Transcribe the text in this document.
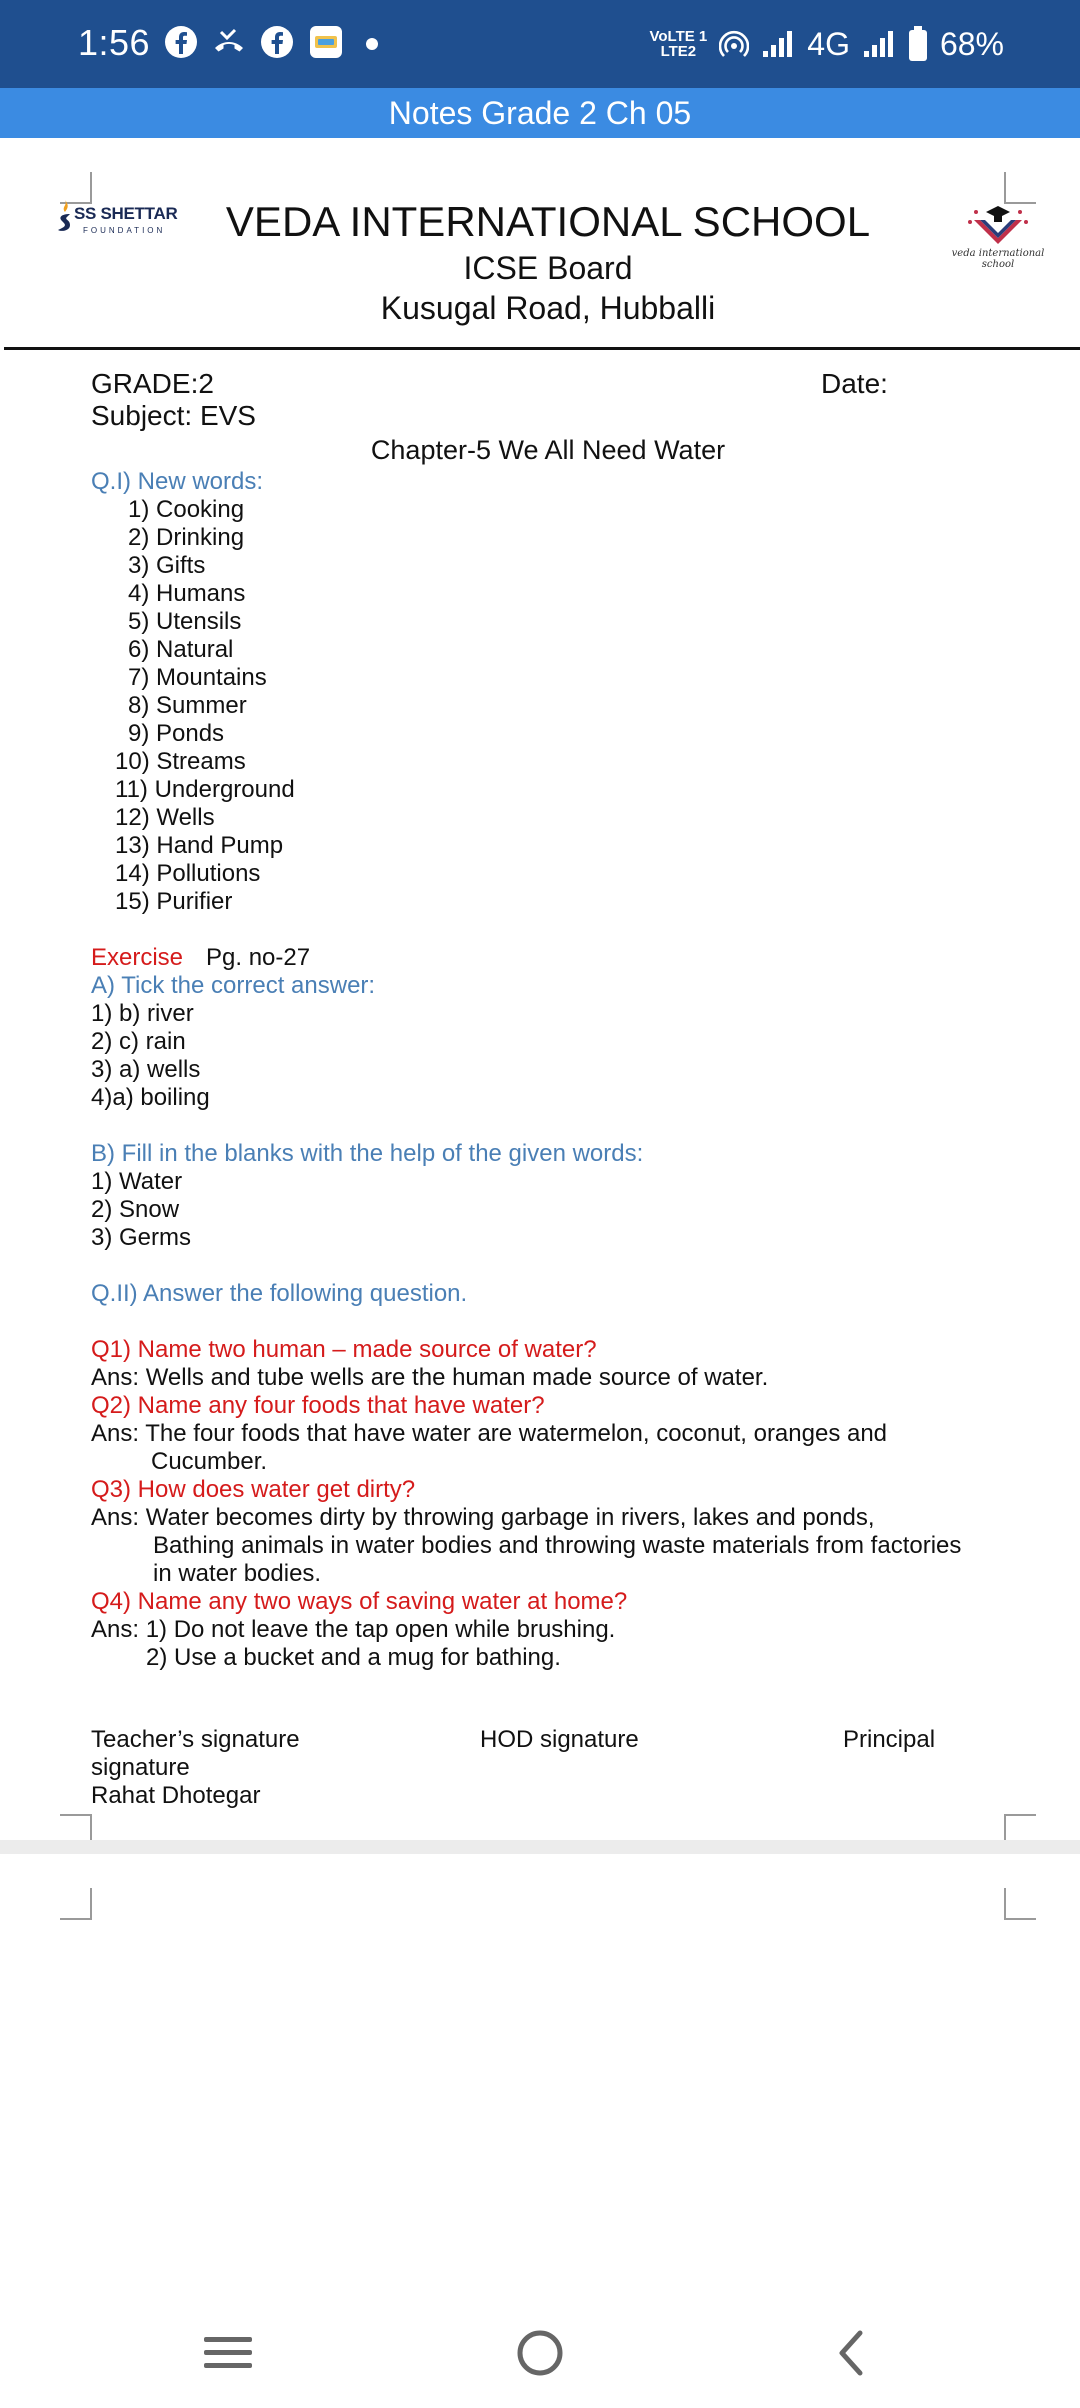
1:56	VoLTE 1
LTE2	4G	68%
Notes Grade 2 Ch 05
SS SHETTAR
FOUNDATION	VEDA INTERNATIONAL SCHOOL
ICSE Board
Kusugal Road, Hubballi
veda international school
GRADE:2	Date:
Subject: EVS
Chapter-5 We All Need Water
Q.I) New words:
1) Cooking
2) Drinking
3) Gifts
4) Humans
5) Utensils
6) Natural
7) Mountains
8) Summer
9) Ponds
10) Streams
11) Underground
12) Wells
13) Hand Pump
14) Pollutions
15) Purifier
Exercise Pg. no-27
A) Tick the correct answer:
1) b) river
2) c) rain
3) a) wells
4)a) boiling
B) Fill in the blanks with the help of the given words:
1) Water
2) Snow
3) Germs
Q.II) Answer the following question.
Q1) Name two human – made source of water?
Ans: Wells and tube wells are the human made source of water.
Q2) Name any four foods that have water?
Ans: The four foods that have water are watermelon, coconut, oranges and
Cucumber.
Q3) How does water get dirty?
Ans: Water becomes dirty by throwing garbage in rivers, lakes and ponds,
Bathing animals in water bodies and throwing waste materials from factories
in water bodies.
Q4) Name any two ways of saving water at home?
Ans: 1) Do not leave the tap open while brushing.
2) Use a bucket and a mug for bathing.
Teacher’s signature	HOD signature	Principal
signature
Rahat Dhotegar
